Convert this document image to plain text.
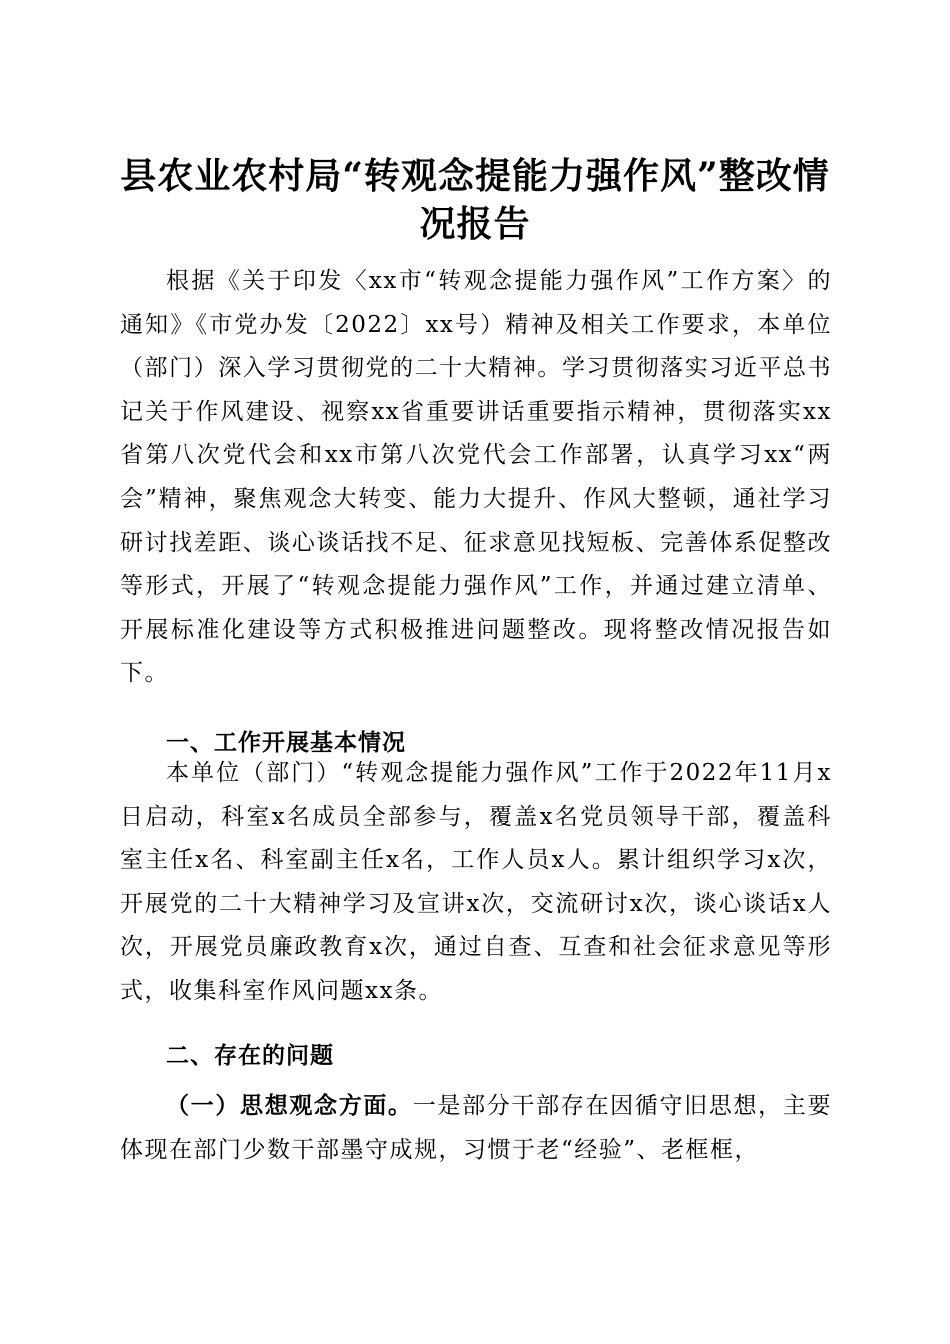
县农业农村局“转观念提能力强作风”整改情
况报告

根据《关于印发〈xx市“转观念提能力强作风”工作方案〉的通知》《市党办发〔2022〕xx号）精神及相关工作要求，本单位（部门）深入学习贯彻党的二十大精神。学习贯彻落实习近平总书记关于作风建设、视察xx省重要讲话重要指示精神，贯彻落实xx省第八次党代会和xx市第八次党代会工作部署，认真学习xx“两会”精神，聚焦观念大转变、能力大提升、作风大整顿，通社学习研讨找差距、谈心谈话找不足、征求意见找短板、完善体系促整改等形式，开展了“转观念提能力强作风”工作，并通过建立清单、开展标准化建设等方式积极推进问题整改。现将整改情况报告如下。

一、工作开展基本情况

本单位（部门）“转观念提能力强作风”工作于2022年11月x日启动，科室x名成员全部参与，覆盖x名党员领导干部，覆盖科室主任x名、科室副主任x名，工作人员x人。累计组织学习x次，开展党的二十大精神学习及宣讲x次，交流研讨x次，谈心谈话x人次，开展党员廉政教育x次，通过自查、互查和社会征求意见等形式，收集科室作风问题xx条。

二、存在的问题

（一）思想观念方面。一是部分干部存在因循守旧思想，主要体现在部门少数干部墨守成规，习惯于老“经验”、老框框，
